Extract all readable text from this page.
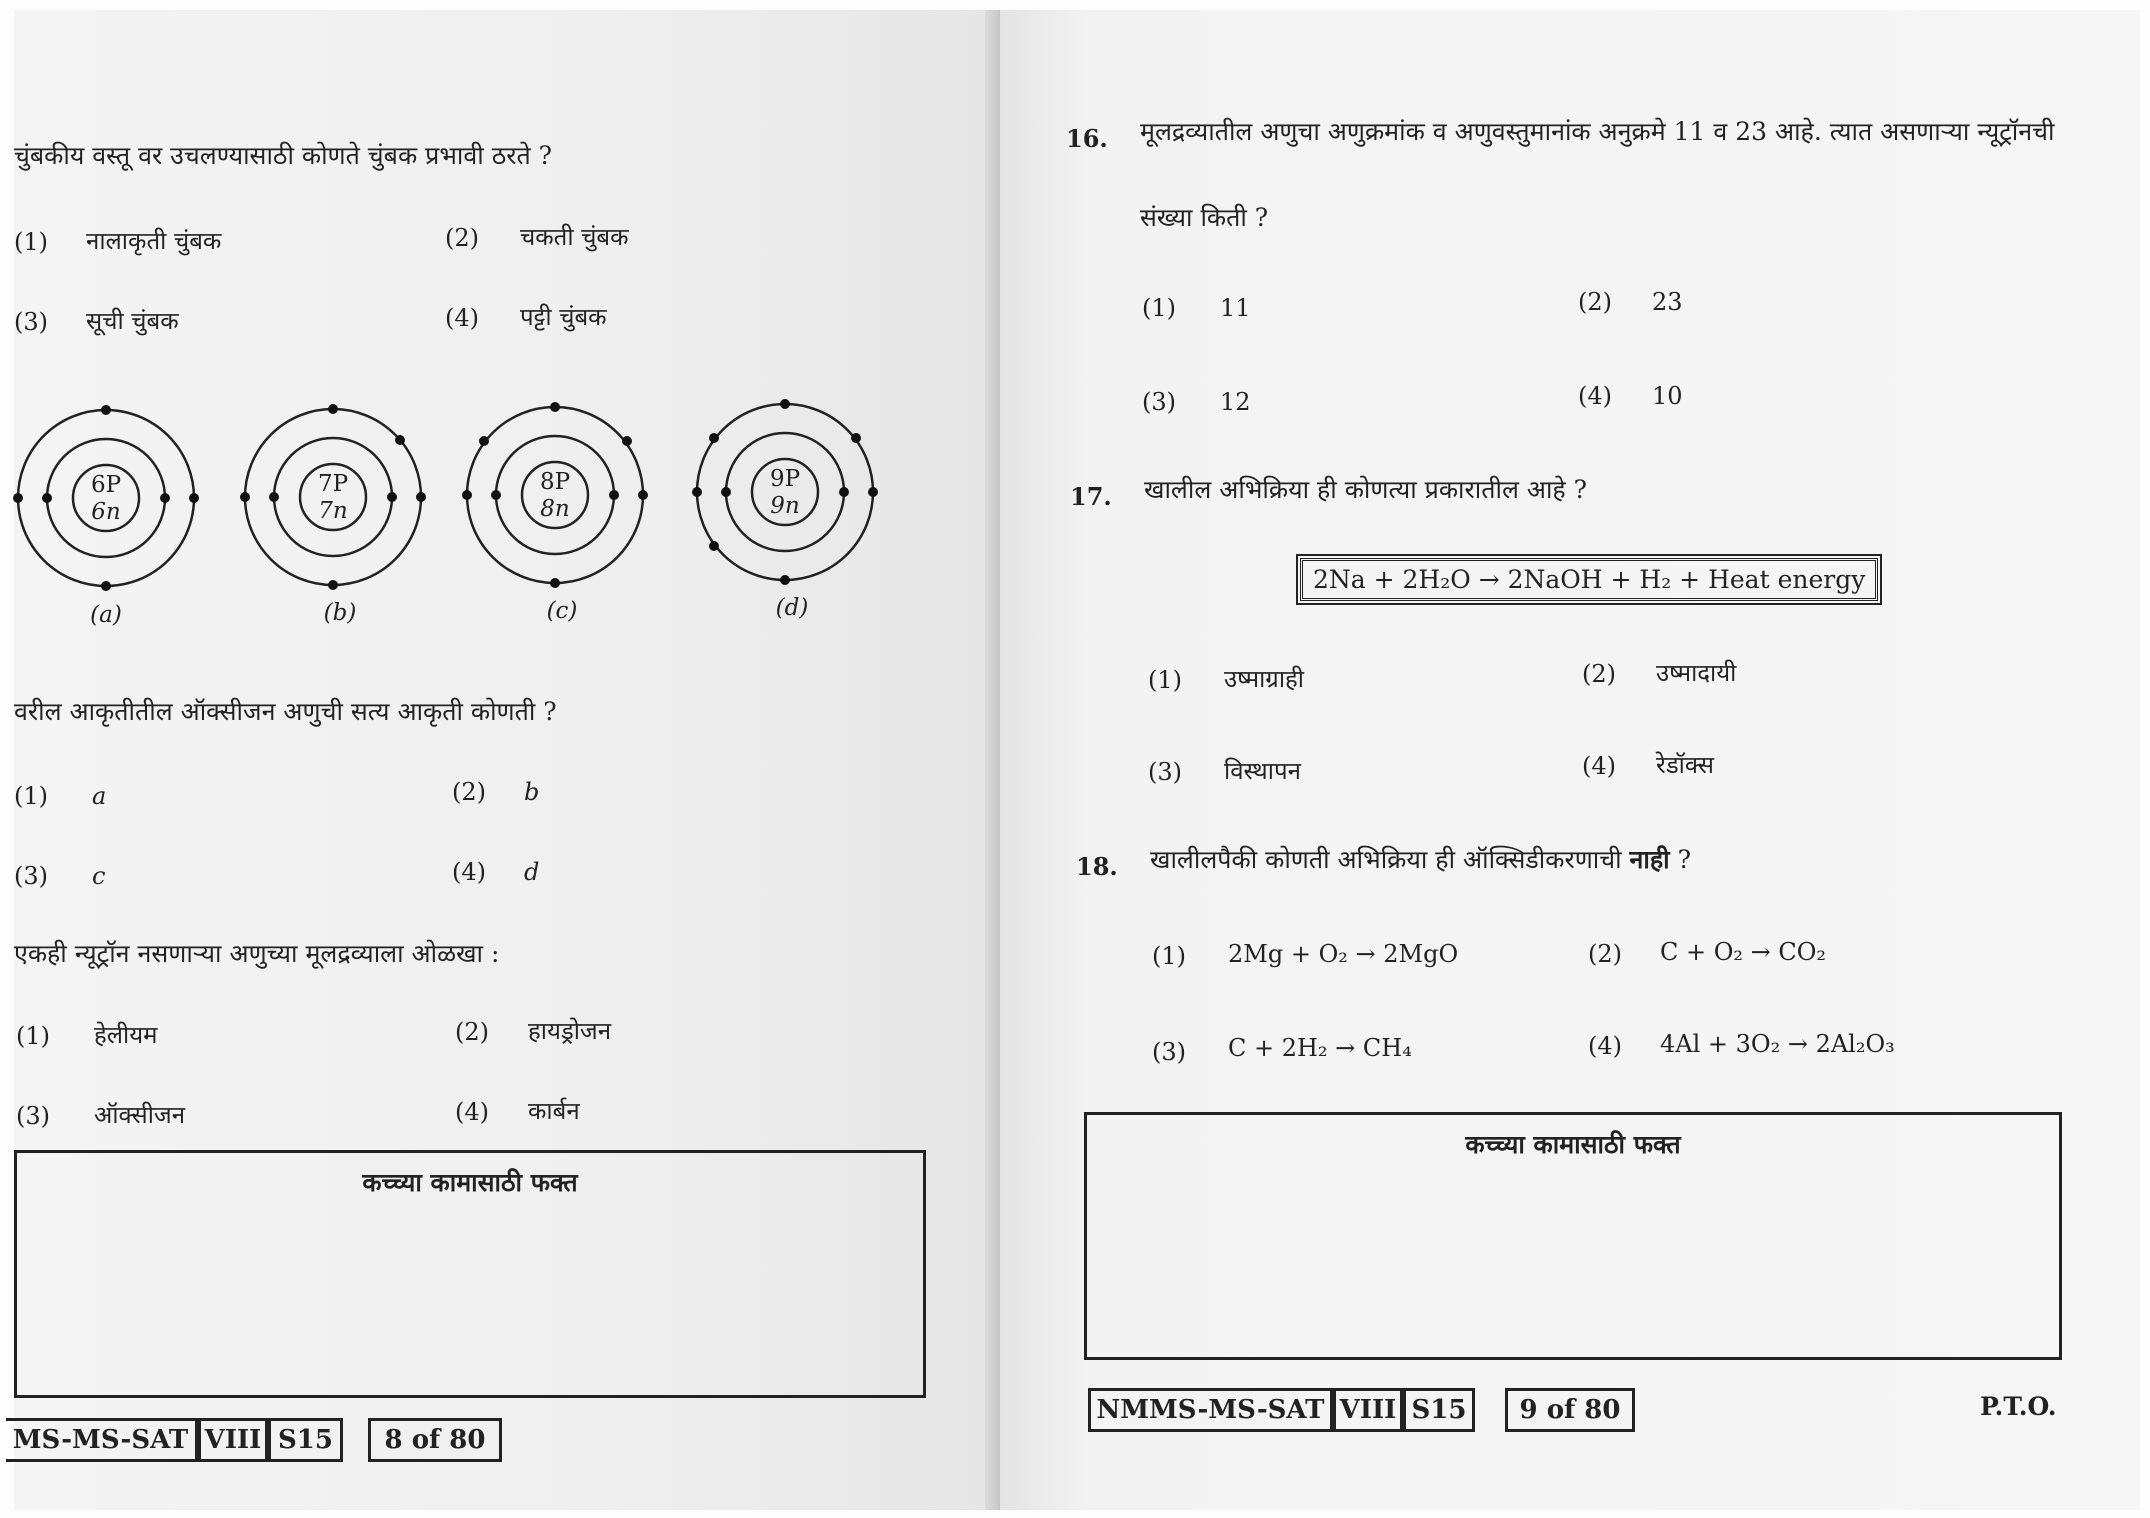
चुंबकीय वस्तू वर उचलण्यासाठी कोणते चुंबक प्रभावी ठरते ?
(1) नालाकृती चुंबक	(2) चकती चुंबक
(3) सूची चुंबक	(4) पट्टी चुंबक
6P
6n
(a)
7P
7n
(b)
8P
8n
(c)
9P
9n
(d)
वरील आकृतीतील ऑक्सीजन अणुची सत्य आकृती कोणती ?
(1) a	(2) b
(3) c	(4) d
एकही न्यूट्रॉन नसणाऱ्या अणुच्या मूलद्रव्याला ओळखा :
(1) हेलीयम	(2) हायड्रोजन
(3) ऑक्सीजन	(4) कार्बन
कच्च्या कामासाठी फक्त
MS-MS-SAT VIII S15	8 of 80
16. मूलद्रव्यातील अणुचा अणुक्रमांक व अणुवस्तुमानांक अनुक्रमे 11 व 23 आहे. त्यात असणाऱ्या न्यूट्रॉनची
संख्या किती ?
(1) 11	(2) 23
(3) 12	(4) 10
17. खालील अभिक्रिया ही कोणत्या प्रकारातील आहे ?
2Na + 2H₂O → 2NaOH + H₂ + Heat energy
(1) उष्माग्राही	(2) उष्मादायी
(3) विस्थापन	(4) रेडॉक्स
18. खालीलपैकी कोणती अभिक्रिया ही ऑक्सिडीकरणाची नाही ?
(1) 2Mg + O₂ → 2MgO	(2) C + O₂ → CO₂
(3) C + 2H₂ → CH₄	(4) 4Al + 3O₂ → 2Al₂O₃
कच्च्या कामासाठी फक्त
NMMS-MS-SAT VIII S15	9 of 80	P.T.O.
